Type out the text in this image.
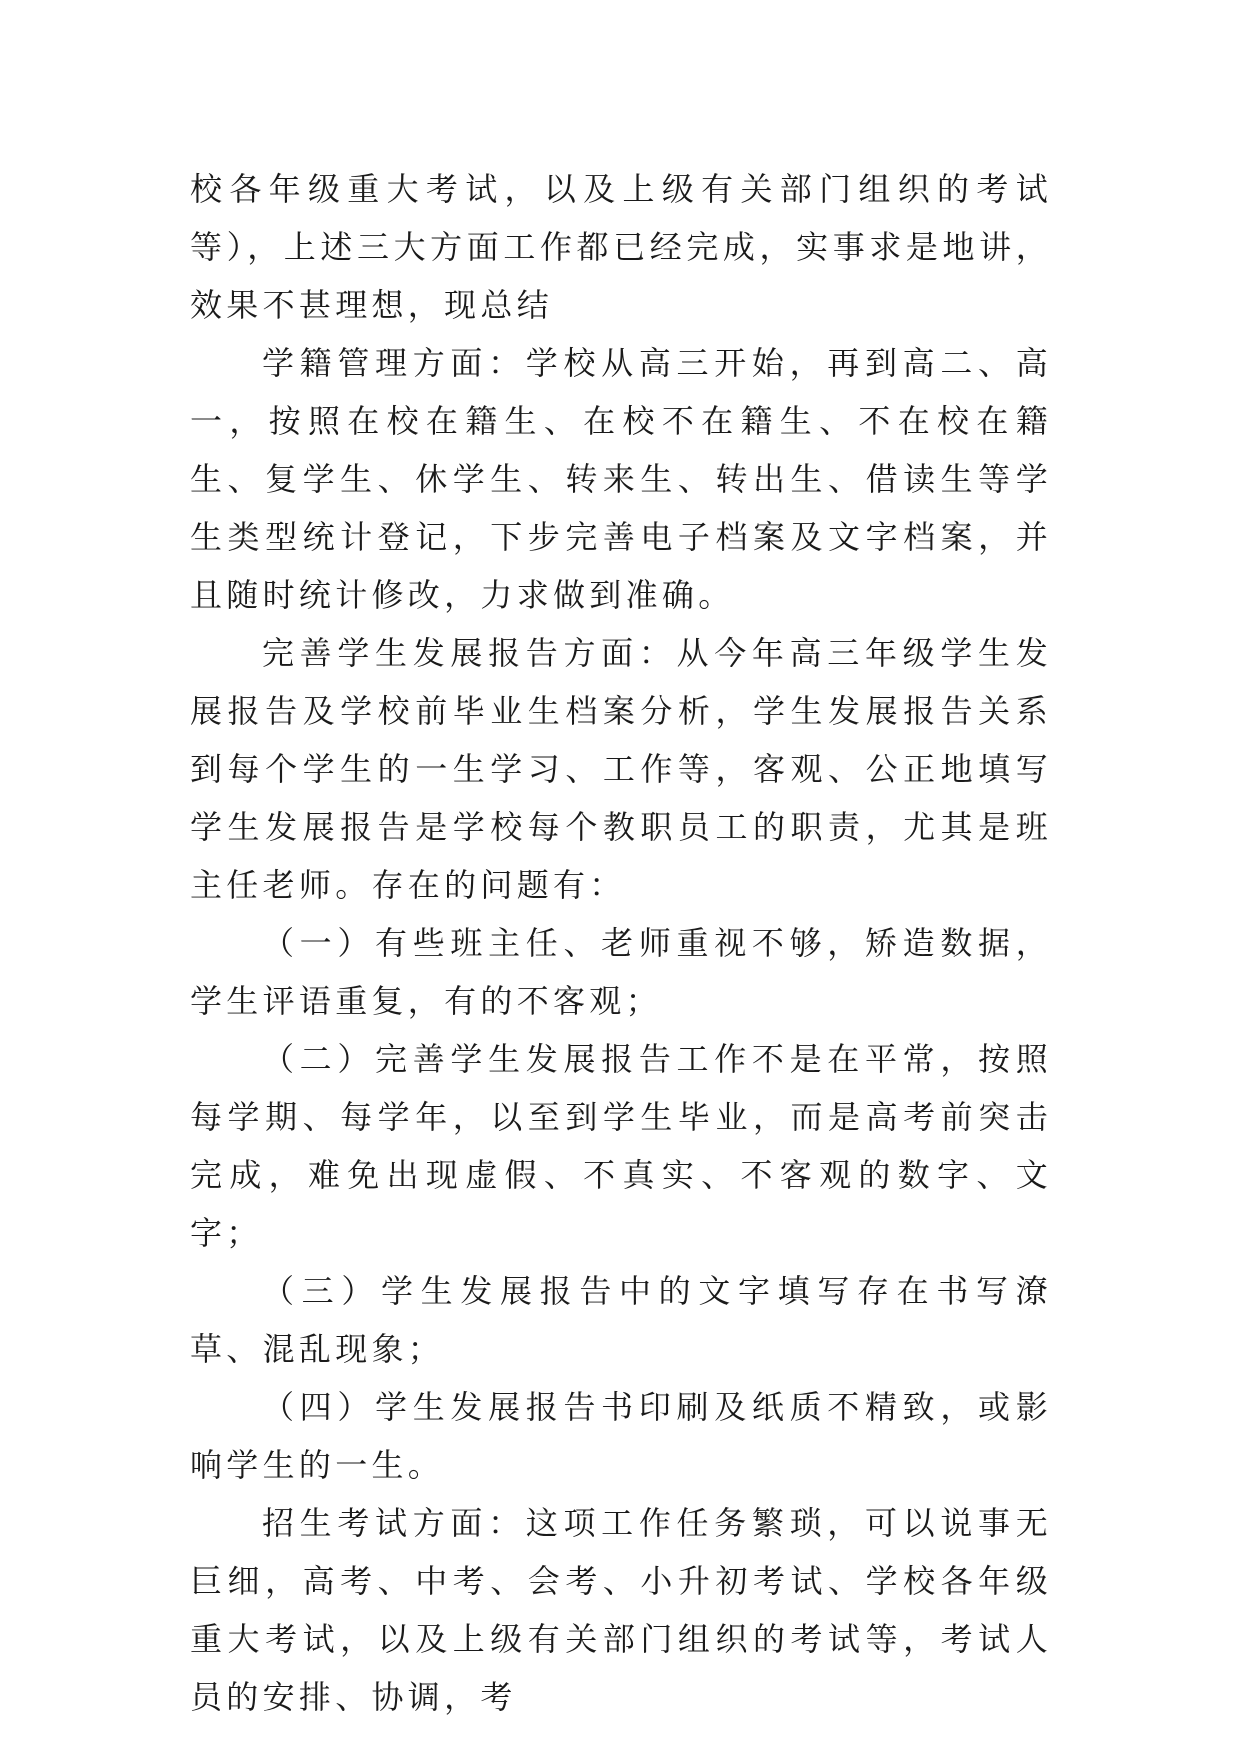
校各年级重大考试，以及上级有关部门组织的考试等），上述三大方面工作都已经完成，实事求是地讲，效果不甚理想，现总结

学籍管理方面：学校从高三开始，再到高二、高一，按照在校在籍生、在校不在籍生、不在校在籍生、复学生、休学生、转来生、转出生、借读生等学生类型统计登记，下步完善电子档案及文字档案，并且随时统计修改，力求做到准确。

完善学生发展报告方面：从今年高三年级学生发展报告及学校前毕业生档案分析，学生发展报告关系到每个学生的一生学习、工作等，客观、公正地填写学生发展报告是学校每个教职员工的职责，尤其是班主任老师。存在的问题有：

（一）有些班主任、老师重视不够，矫造数据，学生评语重复，有的不客观；

（二）完善学生发展报告工作不是在平常，按照每学期、每学年，以至到学生毕业，而是高考前突击完成，难免出现虚假、不真实、不客观的数字、文字；

（三）学生发展报告中的文字填写存在书写潦草、混乱现象；

（四）学生发展报告书印刷及纸质不精致，或影响学生的一生。

招生考试方面：这项工作任务繁琐，可以说事无巨细，高考、中考、会考、小升初考试、学校各年级重大考试，以及上级有关部门组织的考试等，考试人员的安排、协调，考
